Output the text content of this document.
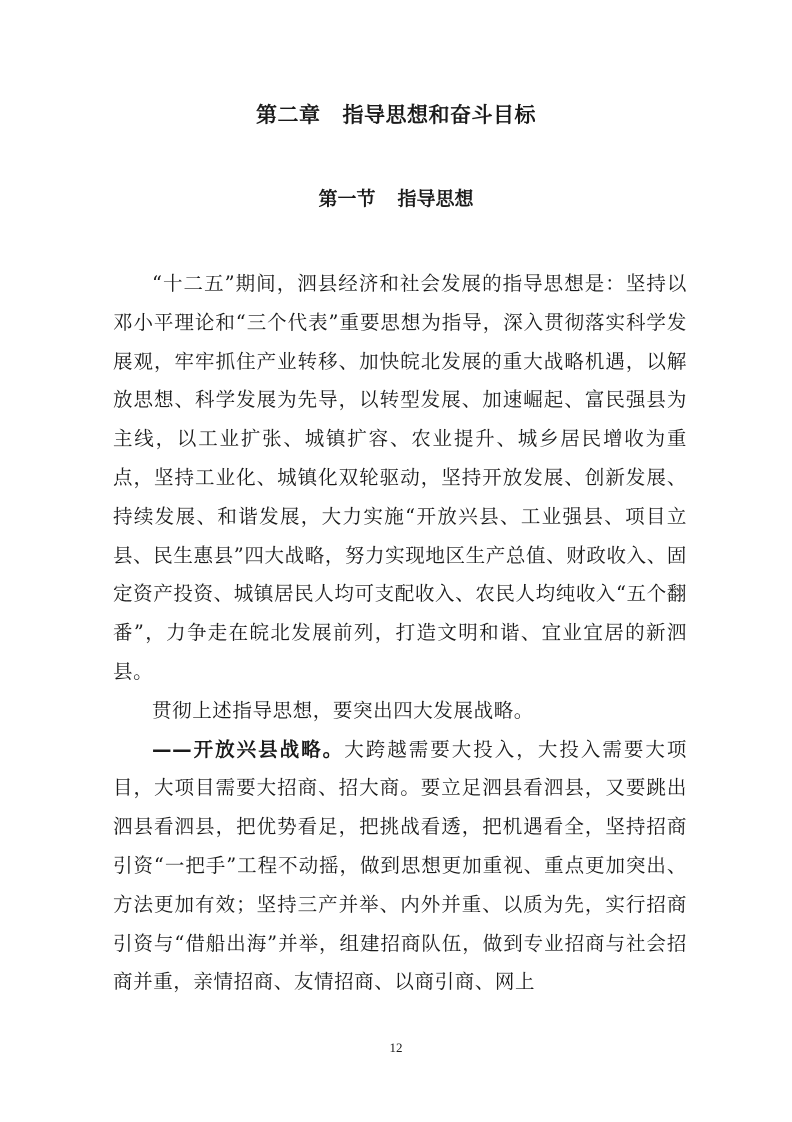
第二章 指导思想和奋斗目标
第一节 指导思想

“十二五”期间，泗县经济和社会发展的指导思想是：坚持以邓小平理论和“三个代表”重要思想为指导，深入贯彻落实科学发展观，牢牢抓住产业转移、加快皖北发展的重大战略机遇，以解放思想、科学发展为先导，以转型发展、加速崛起、富民强县为主线，以工业扩张、城镇扩容、农业提升、城乡居民增收为重点，坚持工业化、城镇化双轮驱动，坚持开放发展、创新发展、持续发展、和谐发展，大力实施“开放兴县、工业强县、项目立县、民生惠县”四大战略，努力实现地区生产总值、财政收入、固定资产投资、城镇居民人均可支配收入、农民人均纯收入“五个翻番”，力争走在皖北发展前列，打造文明和谐、宜业宜居的新泗县。

贯彻上述指导思想，要突出四大发展战略。

——开放兴县战略。大跨越需要大投入，大投入需要大项目，大项目需要大招商、招大商。要立足泗县看泗县，又要跳出泗县看泗县，把优势看足，把挑战看透，把机遇看全，坚持招商引资“一把手”工程不动摇，做到思想更加重视、重点更加突出、方法更加有效；坚持三产并举、内外并重、以质为先，实行招商引资与“借船出海”并举，组建招商队伍，做到专业招商与社会招商并重，亲情招商、友情招商、以商引商、网上

12
